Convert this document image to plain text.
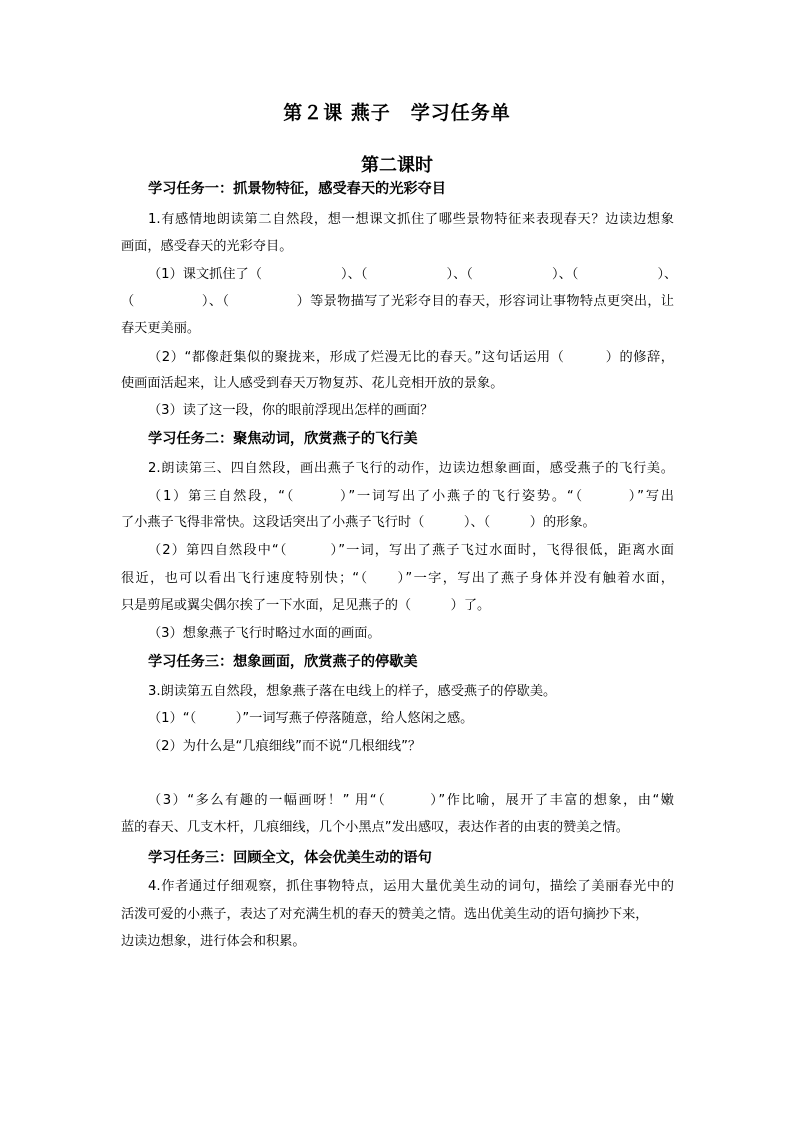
第２课 燕子　学习任务单
第二课时
学习任务一：抓景物特征，感受春天的光彩夺目
1.有感情地朗读第二自然段，想一想课文抓住了哪些景物特征来表现春天？边读边想象
画面，感受春天的光彩夺目。
（1）课文抓住了（　　　　　　）、（　　　　　　）、（　　　　　　）、（　　　　　　）、
（　　　　　）、（　　　　　）等景物描写了光彩夺目的春天，形容词让事物特点更突出，让
春天更美丽。
（2）“都像赶集似的聚拢来，形成了烂漫无比的春天。”这句话运用（　　　）的修辞，
使画面活起来，让人感受到春天万物复苏、花儿竞相开放的景象。
（3）读了这一段，你的眼前浮现出怎样的画面？
学习任务二：聚焦动词，欣赏燕子的飞行美
2.朗读第三、四自然段，画出燕子飞行的动作，边读边想象画面，感受燕子的飞行美。
（1）第三自然段，“（　　　）”一词写出了小燕子的飞行姿势。“（　　　）”写出
了小燕子飞得非常快。这段话突出了小燕子飞行时（　　　）、（　　　）的形象。
（2）第四自然段中“（　　　）”一词，写出了燕子飞过水面时，飞得很低，距离水面
很近，也可以看出飞行速度特别快；“（　　）”一字，写出了燕子身体并没有触着水面，
只是剪尾或翼尖偶尔挨了一下水面，足见燕子的（　　　）了。
（3）想象燕子飞行时略过水面的画面。
学习任务三：想象画面，欣赏燕子的停歇美
3.朗读第五自然段，想象燕子落在电线上的样子，感受燕子的停歇美。
（1）“（　　　）”一词写燕子停落随意，给人悠闲之感。
（2）为什么是“几痕细线”而不说“几根细线”？
（3）“多么有趣的一幅画呀！” 用“（　　　）”作比喻，展开了丰富的想象，由“嫩
蓝的春天、几支木杆，几痕细线，几个小黑点”发出感叹，表达作者的由衷的赞美之情。
学习任务三：回顾全文，体会优美生动的语句
4.作者通过仔细观察，抓住事物特点，运用大量优美生动的词句，描绘了美丽春光中的
活泼可爱的小燕子，表达了对充满生机的春天的赞美之情。选出优美生动的语句摘抄下来，
边读边想象，进行体会和积累。
